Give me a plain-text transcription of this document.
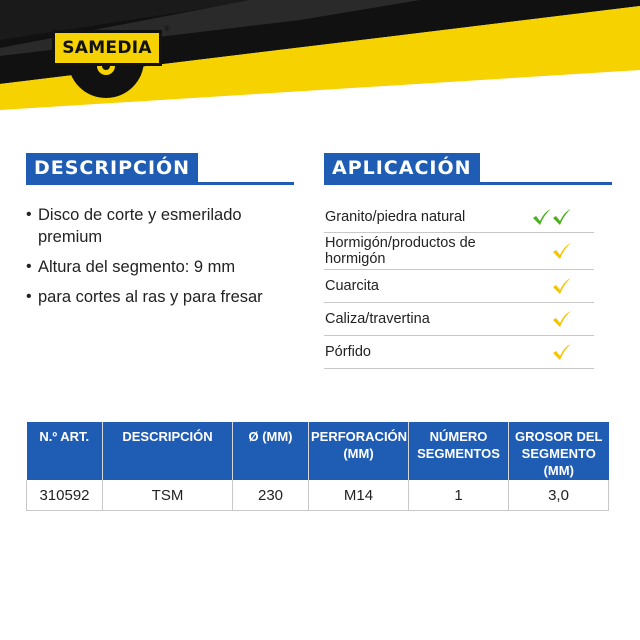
SAMEDIA
®
DESCRIPCIÓN
• Disco de corte y esmerilado premium
• Altura del segmento: 9 mm
• para cortes al ras y para fresar
APLICACIÓN
Granito/piedra natural	
Hormigón/productos de hormigón	
Cuarcita	
Caliza/travertina	
Pórfido	
N.º ART.	DESCRIPCIÓN	Ø (MM)	PERFORACIÓN (MM)	NÚMERO SEGMENTOS	GROSOR DEL SEGMENTO (MM)
310592	TSM	230	M14	1	3,0
